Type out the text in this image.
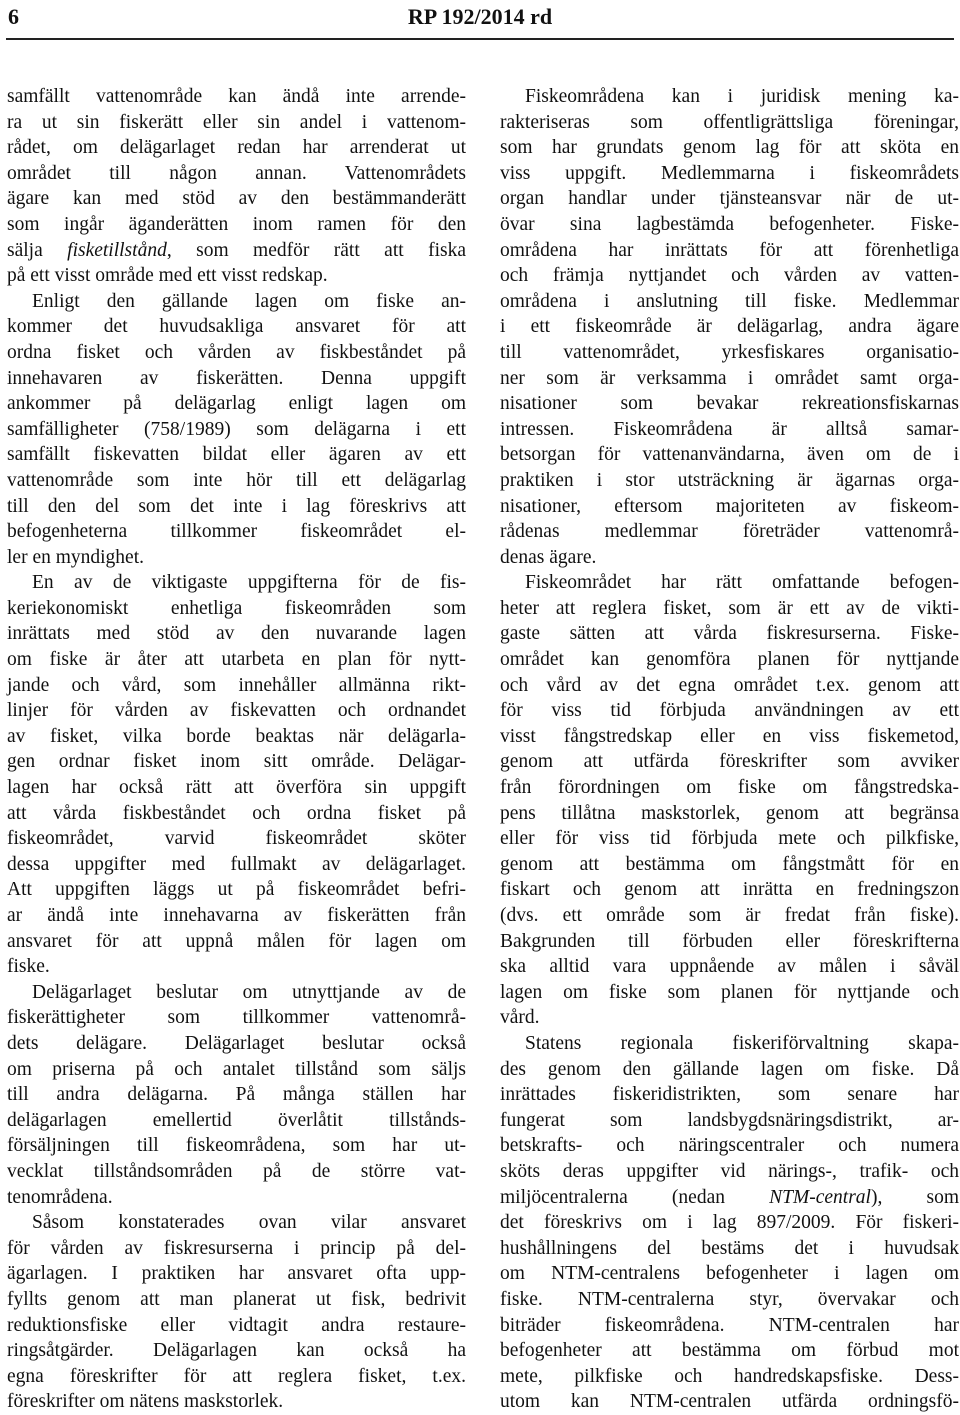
6	RP 192/2014 rd
samfällt vattenområde kan ändå inte arrende-
ra ut sin fiskerätt eller sin andel i vattenom-
rådet, om delägarlaget redan har arrenderat ut
området till någon annan. Vattenområdets
ägare kan med stöd av den bestämmanderätt
som ingår äganderätten inom ramen för den
sälja fisketillstånd, som medför rätt att fiska
på ett visst område med ett visst redskap.
Enligt den gällande lagen om fiske an-
kommer det huvudsakliga ansvaret för att
ordna fisket och vården av fiskbeståndet på
innehavaren av fiskerätten. Denna uppgift
ankommer på delägarlag enligt lagen om
samfälligheter (758/1989) som delägarna i ett
samfällt fiskevatten bildat eller ägaren av ett
vattenområde som inte hör till ett delägarlag
till den del som det inte i lag föreskrivs att
befogenheterna tillkommer fiskeområdet el-
ler en myndighet.
En av de viktigaste uppgifterna för de fis-
keriekonomiskt enhetliga fiskeområden som
inrättats med stöd av den nuvarande lagen
om fiske är åter att utarbeta en plan för nytt-
jande och vård, som innehåller allmänna rikt-
linjer för vården av fiskevatten och ordnandet
av fisket, vilka borde beaktas när delägarla-
gen ordnar fisket inom sitt område. Delägar-
lagen har också rätt att överföra sin uppgift
att vårda fiskbeståndet och ordna fisket på
fiskeområdet, varvid fiskeområdet sköter
dessa uppgifter med fullmakt av delägarlaget.
Att uppgiften läggs ut på fiskeområdet befri-
ar ändå inte innehavarna av fiskerätten från
ansvaret för att uppnå målen för lagen om
fiske.
Delägarlaget beslutar om utnyttjande av de
fiskerättigheter som tillkommer vattenområ-
dets delägare. Delägarlaget beslutar också
om priserna på och antalet tillstånd som säljs
till andra delägarna. På många ställen har
delägarlagen emellertid överlåtit tillstånds-
försäljningen till fiskeområdena, som har ut-
vecklat tillståndsområden på de större vat-
tenområdena.
Såsom konstaterades ovan vilar ansvaret
för vården av fiskresurserna i princip på del-
ägarlagen. I praktiken har ansvaret ofta upp-
fyllts genom att man planerat ut fisk, bedrivit
reduktionsfiske eller vidtagit andra restaure-
ringsåtgärder. Delägarlagen kan också ha
egna föreskrifter för att reglera fisket, t.ex.
föreskrifter om nätens maskstorlek.
Fiskeområdena kan i juridisk mening ka-
rakteriseras som offentligrättsliga föreningar,
som har grundats genom lag för att sköta en
viss uppgift. Medlemmarna i fiskeområdets
organ handlar under tjänsteansvar när de ut-
övar sina lagbestämda befogenheter. Fiske-
områdena har inrättats för att förenhetliga
och främja nyttjandet och vården av vatten-
områdena i anslutning till fiske. Medlemmar
i ett fiskeområde är delägarlag, andra ägare
till vattenområdet, yrkesfiskares organisatio-
ner som är verksamma i området samt orga-
nisationer som bevakar rekreationsfiskarnas
intressen. Fiskeområdena är alltså samar-
betsorgan för vattenanvändarna, även om de i
praktiken i stor utsträckning är ägarnas orga-
nisationer, eftersom majoriteten av fiskeom-
rådenas medlemmar företräder vattenområ-
denas ägare.
Fiskeområdet har rätt omfattande befogen-
heter att reglera fisket, som är ett av de vikti-
gaste sätten att vårda fiskresurserna. Fiske-
området kan genomföra planen för nyttjande
och vård av det egna området t.ex. genom att
för viss tid förbjuda användningen av ett
visst fångstredskap eller en viss fiskemetod,
genom att utfärda föreskrifter som avviker
från förordningen om fiske om fångstredska-
pens tillåtna maskstorlek, genom att begränsa
eller för viss tid förbjuda mete och pilkfiske,
genom att bestämma om fångstmått för en
fiskart och genom att inrätta en fredningszon
(dvs. ett område som är fredat från fiske).
Bakgrunden till förbuden eller föreskrifterna
ska alltid vara uppnående av målen i såväl
lagen om fiske som planen för nyttjande och
vård.
Statens regionala fiskeriförvaltning skapa-
des genom den gällande lagen om fiske. Då
inrättades fiskeridistrikten, som senare har
fungerat som landsbygdsnäringsdistrikt, ar-
betskrafts- och näringscentraler och numera
sköts deras uppgifter vid närings-, trafik- och
miljöcentralerna (nedan NTM-central), som
det föreskrivs om i lag 897/2009. För fiskeri-
hushållningens del bestäms det i huvudsak
om NTM-centralens befogenheter i lagen om
fiske. NTM-centralerna styr, övervakar och
biträder fiskeområdena. NTM-centralen har
befogenheter att bestämma om förbud mot
mete, pilkfiske och handredskapsfiske. Dess-
utom kan NTM-centralen utfärda ordningsfö-
